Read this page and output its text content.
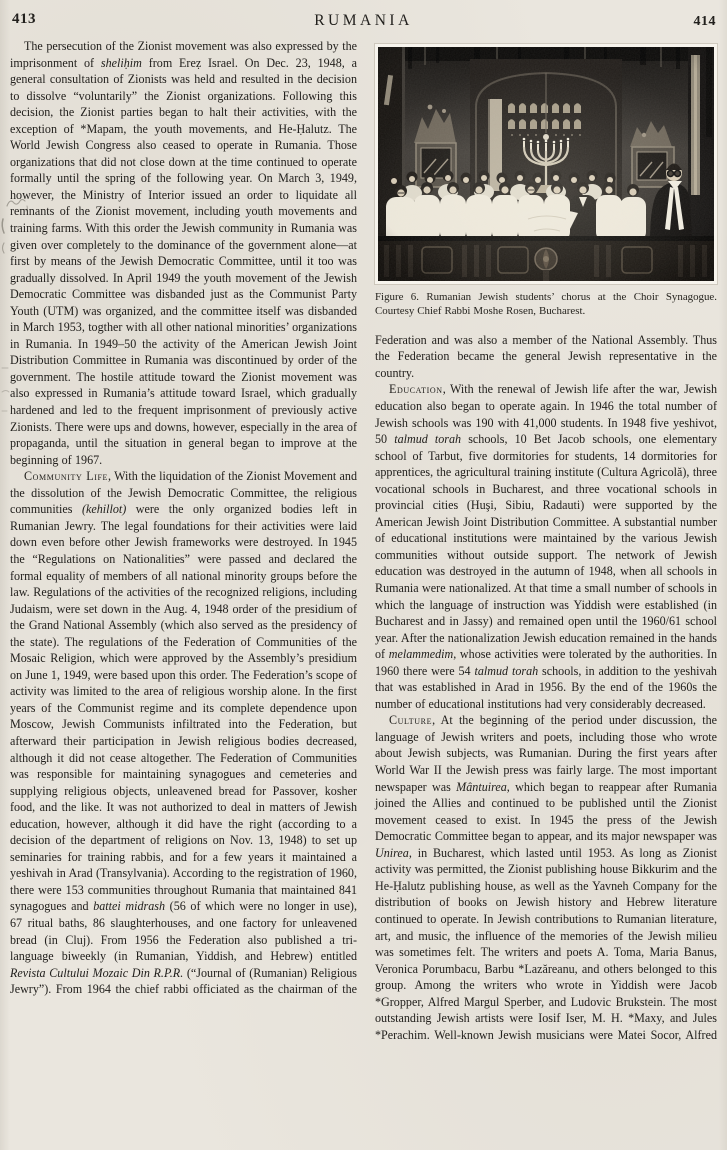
413	RUMANIA	414

The persecution of the Zionist movement was also expressed by the imprisonment of sheliḥim from Ereẓ Israel. On Dec. 23, 1948, a general consultation of Zionists was held and resulted in the decision to dissolve “voluntarily” the Zionist organizations. Following this decision, the Zionist parties began to halt their activities, with the exception of *Mapam, the youth movements, and He-Ḥalutz. The World Jewish Congress also ceased to operate in Rumania. Those organizations that did not close down at the time continued to operate formally until the spring of the following year. On March 3, 1949, however, the Ministry of Interior issued an order to liquidate all remnants of the Zionist movement, including youth movements and training farms. With this order the Jewish community in Rumania was given over completely to the dominance of the government alone—at first by means of the Jewish Democratic Committee, until it too was gradually dissolved. In April 1949 the youth movement of the Jewish Democratic Committee was disbanded just as the Communist Party Youth (UTM) was organized, and the committee itself was disbanded in March 1953, togther with all other national minorities’ organizations in Rumania. In 1949–50 the activity of the American Jewish Joint Distribution Committee in Rumania was discontinued by order of the government. The hostile attitude toward the Zionist movement was also expressed in Rumania’s attitude toward Israel, which gradually hardened and led to the frequent imprisonment of previously active Zionists. There were ups and downs, however, especially in the area of propaganda, until the situation in general began to improve at the beginning of 1967.

Community Life, With the liquidation of the Zionist Movement and the dissolution of the Jewish Democratic Committee, the religious communities (kehillot) were the only organized bodies left in Rumanian Jewry. The legal foundations for their activities were laid down even before other Jewish frameworks were destroyed. In 1945 the “Regulations on Nationalities” were passed and declared the formal equality of members of all national minority groups before the law. Regulations of the activities of the recognized religions, including Judaism, were set down in the Aug. 4, 1948 order of the presidium of the Grand National Assembly (which also served as the presidency of the state). The regulations of the Federation of Communities of the Mosaic Religion, which were approved by the Assembly’s presidium on June 1, 1949, were based upon this order. The Federation’s scope of activity was limited to the area of religious worship alone. In the first years of the Communist regime and its complete dependence upon Moscow, Jewish Communists infiltrated into the Federation, but afterward their participation in Jewish religious bodies decreased, although it did not cease altogether. The Federation of Communities was responsible for maintaining synagogues and cemeteries and supplying religious objects, unleavened bread for Passover, kosher food, and the like. It was not authorized to deal in matters of Jewish education, however, although it did have the right (according to a decision of the department of religions on Nov. 13, 1948) to set up seminaries for training rabbis, and for a few years it maintained a yeshivah in Arad (Transylvania). According to the registration of 1960, there were 153 communities throughout Rumania that maintained 841 synagogues and battei midrash (56 of which were no longer in use), 67 ritual baths, 86 slaughterhouses, and one factory for unleavened bread (in Cluj). From 1956 the Federation also published a tri-language biweekly (in Rumanian, Yiddish, and Hebrew) entitled Revista Cultului Mozaic Din R.P.R. (“Journal of (Rumanian) Religious Jewry”). From 1964 the chief rabbi officiated as the chairman of the

Figure 6. Rumanian Jewish students’ chorus at the Choir Synagogue. Courtesy Chief Rabbi Moshe Rosen, Bucharest.

Federation and was also a member of the National Assembly. Thus the Federation became the general Jewish representative in the country.

Education, With the renewal of Jewish life after the war, Jewish education also began to operate again. In 1946 the total number of Jewish schools was 190 with 41,000 students. In 1948 five yeshivot, 50 talmud torah schools, 10 Bet Jacob schools, one elementary school of Tarbut, five dormitories for students, 14 dormitories for apprentices, the agricultural training institute (Cultura Agricolă), three vocational schools in Bucharest, and three vocational schools in provincial cities (Huşi, Sibiu, Radauti) were supported by the American Jewish Joint Distribution Committee. A substantial number of educational institutions were maintained by the various Jewish communities without outside support. The network of Jewish education was destroyed in the autumn of 1948, when all schools in Rumania were nationalized. At that time a small number of schools in which the language of instruction was Yiddish were established (in Bucharest and in Jassy) and remained open until the 1960/61 school year. After the nationalization Jewish education remained in the hands of melammedim, whose activities were tolerated by the authorities. In 1960 there were 54 talmud torah schools, in addition to the yeshivah that was established in Arad in 1956. By the end of the 1960s the number of educational institutions had very considerably decreased.

Culture, At the beginning of the period under discussion, the language of Jewish writers and poets, including those who wrote about Jewish subjects, was Rumanian. During the first years after World War II the Jewish press was fairly large. The most important newspaper was Mântuirea, which began to reappear after Rumania joined the Allies and continued to be published until the Zionist movement ceased to exist. In 1945 the press of the Jewish Democratic Committee began to appear, and its major newspaper was Unirea, in Bucharest, which lasted until 1953. As long as Zionist activity was permitted, the Zionist publishing house Bikkurim and the He-Ḥalutz publishing house, as well as the Yavneh Company for the distribution of books on Jewish history and Hebrew literature continued to operate. In Jewish contributions to Rumanian literature, art, and music, the influence of the memories of the Jewish milieu was sometimes felt. The writers and poets A. Toma, Maria Banus, Veronica Porumbacu, Barbu *Lazăreanu, and others belonged to this group. Among the writers who wrote in Yiddish were Jacob *Gropper, Alfred Margul Sperber, and Ludovic Brukstein. The most outstanding Jewish artists were Iosif Iser, M. H. *Maxy, and Jules *Perachim. Well-known Jewish musicians were Matei Socor, Alfred
